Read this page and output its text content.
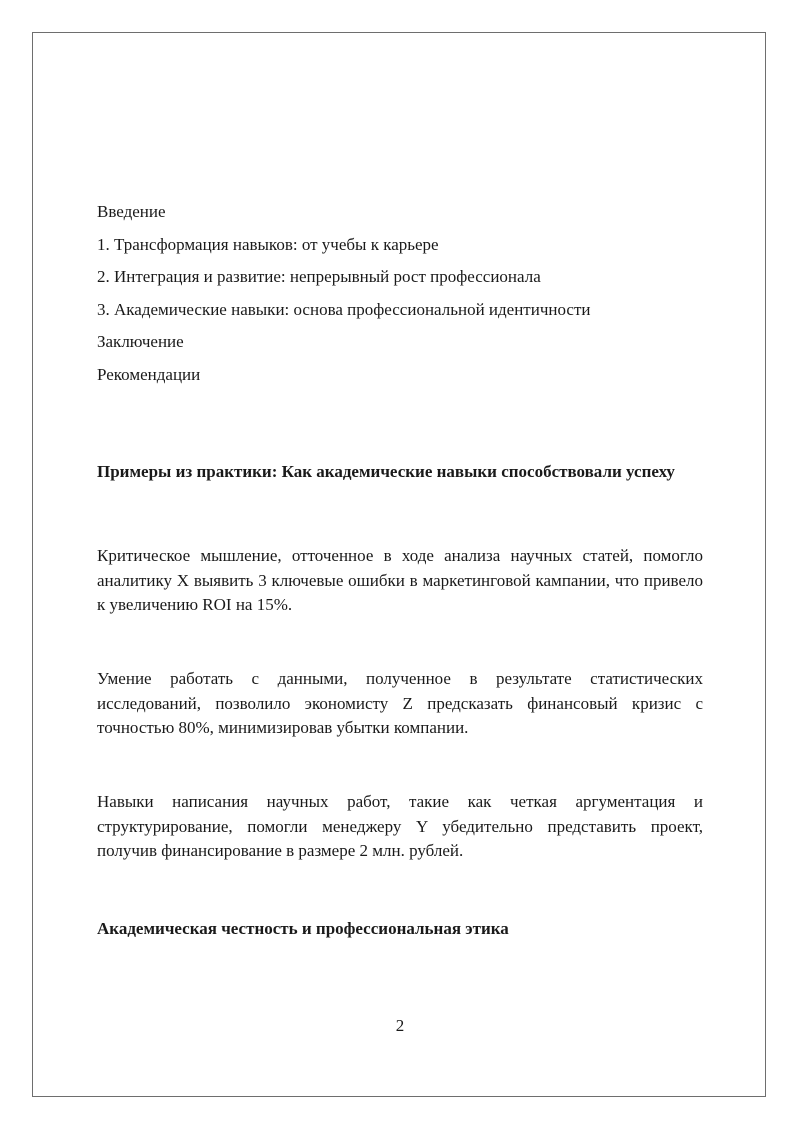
Введение

1. Трансформация навыков: от учебы к карьере

2. Интеграция и развитие: непрерывный рост профессионала

3. Академические навыки: основа профессиональной идентичности

Заключение

Рекомендации

Примеры из практики: Как академические навыки способствовали успеху

Критическое мышление, отточенное в ходе анализа научных статей, помогло аналитику X выявить 3 ключевые ошибки в маркетинговой кампании, что привело к увеличению ROI на 15%.

Умение работать с данными, полученное в результате статистических исследований, позволило экономисту Z предсказать финансовый кризис с точностью 80%, минимизировав убытки компании.

Навыки написания научных работ, такие как четкая аргументация и структурирование, помогли менеджеру Y убедительно представить проект, получив финансирование в размере 2 млн. рублей.

Академическая честность и профессиональная этика

2
